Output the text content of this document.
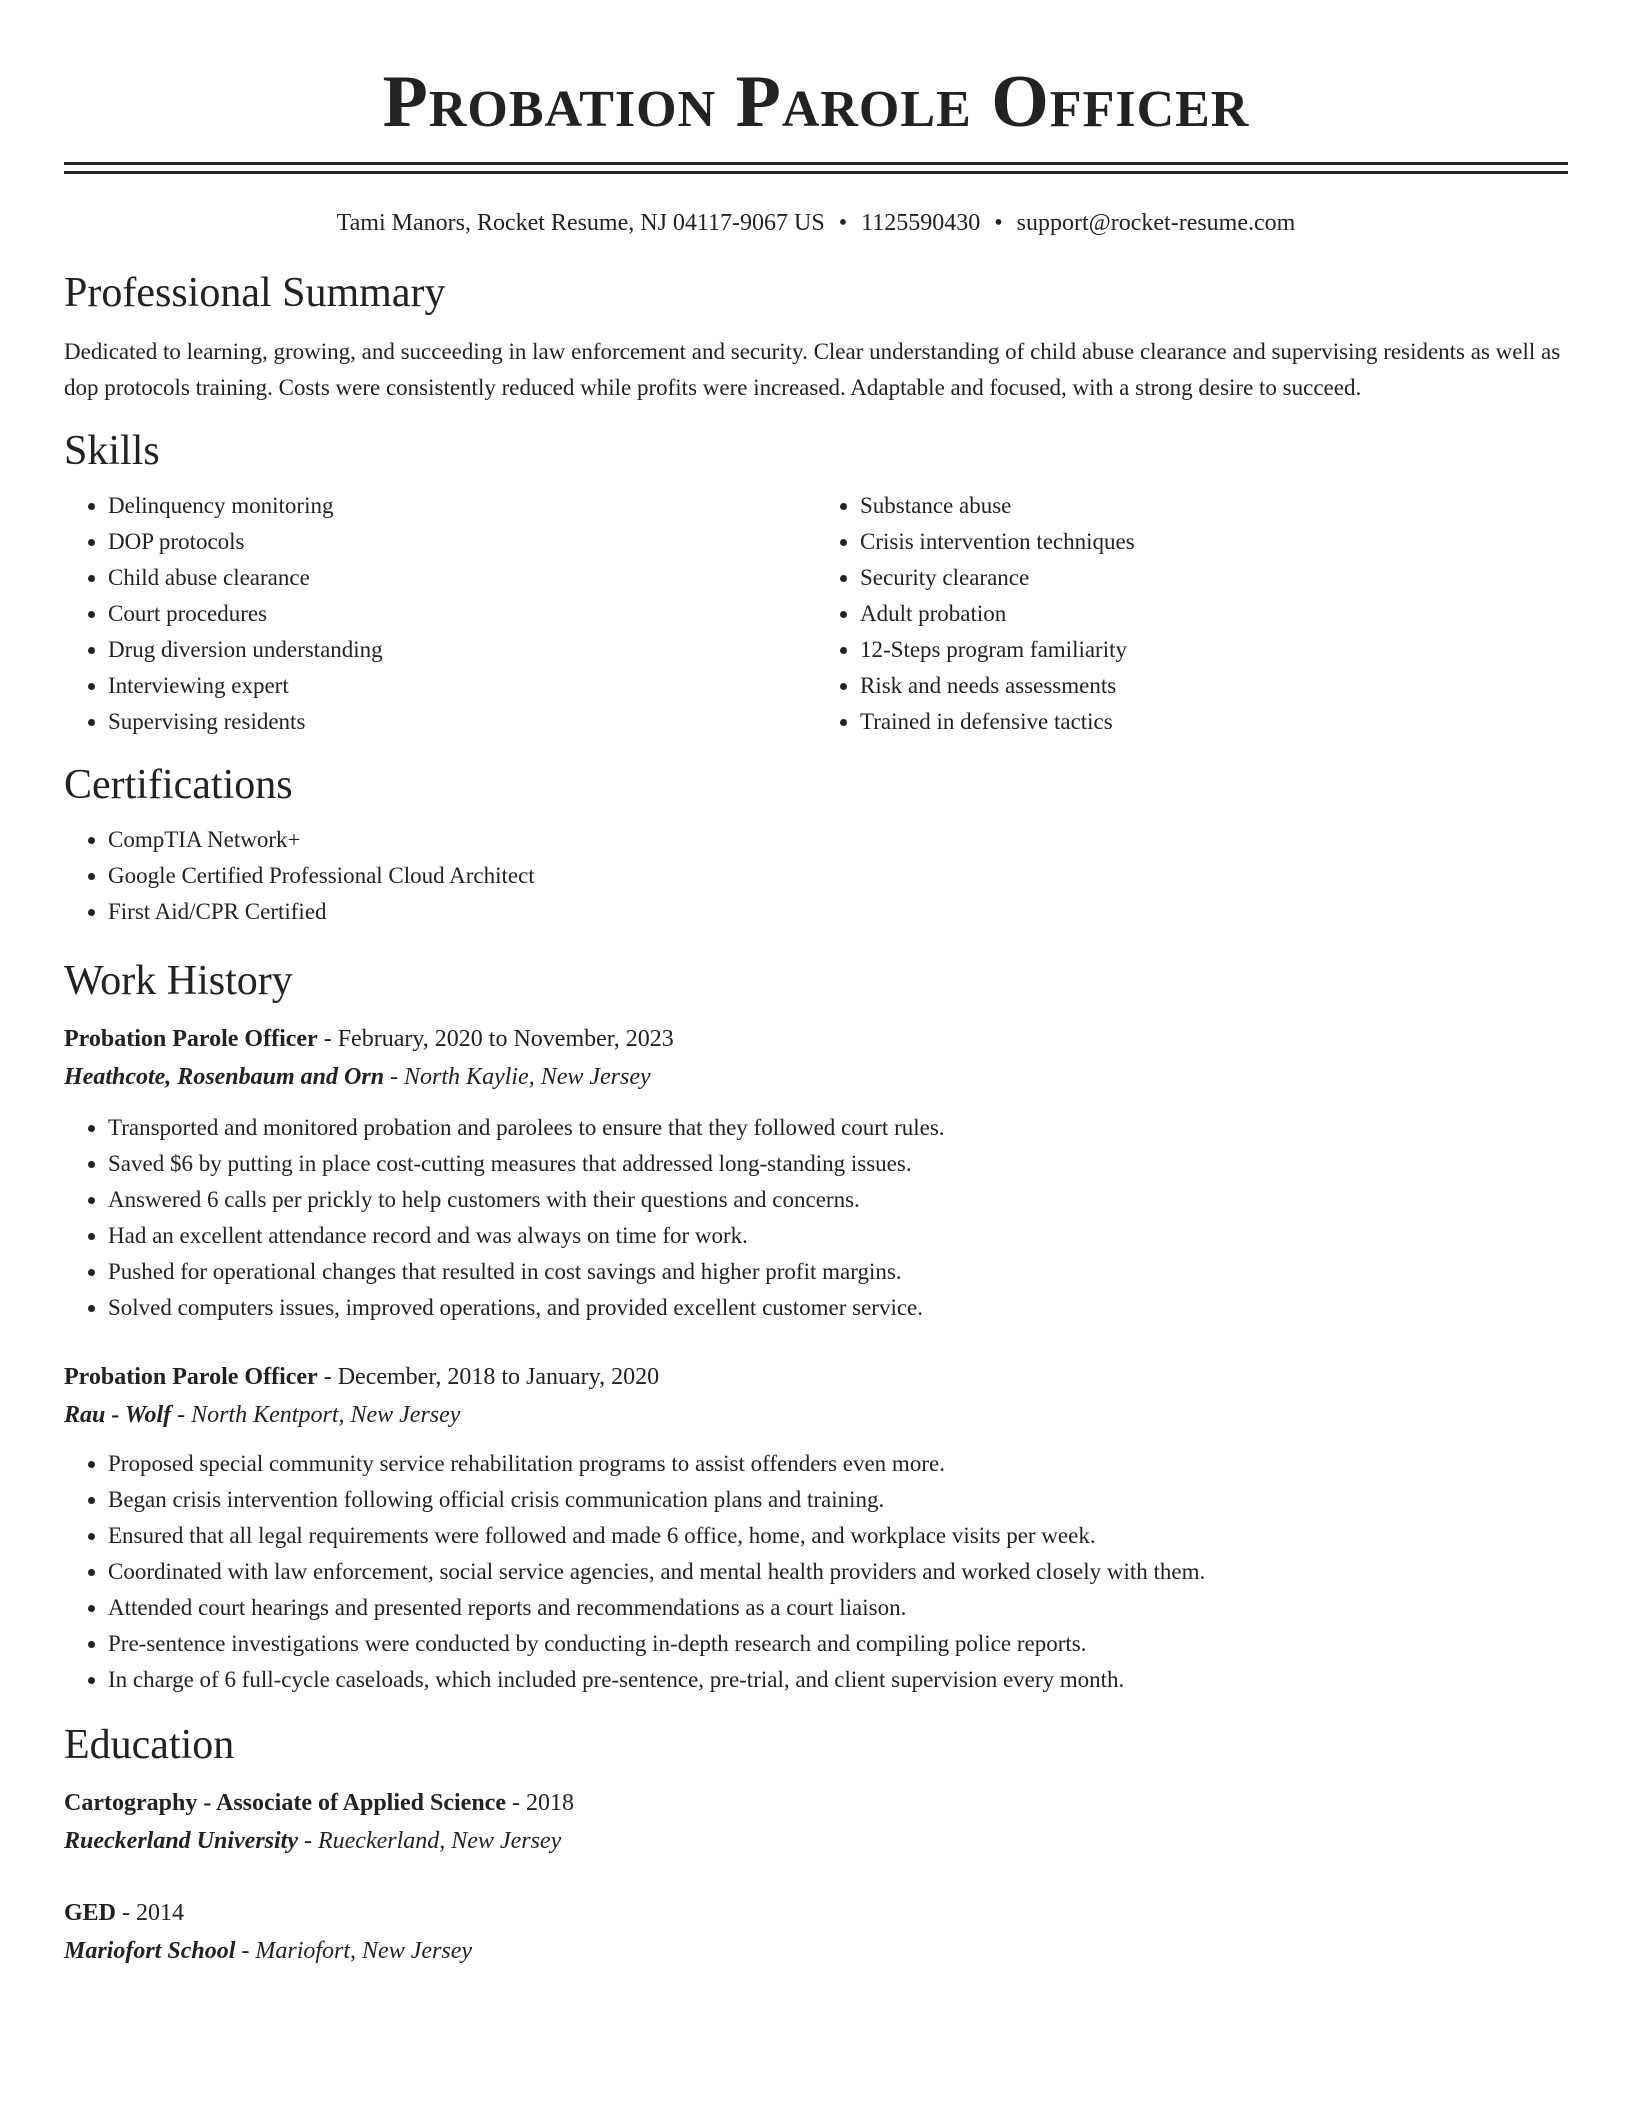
Probation Parole Officer
Tami Manors, Rocket Resume, NJ 04117-9067 US • 1125590430 • support@rocket-resume.com
Professional Summary

Dedicated to learning, growing, and succeeding in law enforcement and security. Clear understanding of child abuse clearance and supervising residents as well as dop protocols training. Costs were consistently reduced while profits were increased. Adaptable and focused, with a strong desire to succeed.

Skills
• Delinquency monitoring
• DOP protocols
• Child abuse clearance
• Court procedures
• Drug diversion understanding
• Interviewing expert
• Supervising residents
• Substance abuse
• Crisis intervention techniques
• Security clearance
• Adult probation
• 12-Steps program familiarity
• Risk and needs assessments
• Trained in defensive tactics
Certifications
• CompTIA Network+
• Google Certified Professional Cloud Architect
• First Aid/CPR Certified
Work History
Probation Parole Officer - February, 2020 to November, 2023
Heathcote, Rosenbaum and Orn - North Kaylie, New Jersey
• Transported and monitored probation and parolees to ensure that they followed court rules.
• Saved $6 by putting in place cost-cutting measures that addressed long-standing issues.
• Answered 6 calls per prickly to help customers with their questions and concerns.
• Had an excellent attendance record and was always on time for work.
• Pushed for operational changes that resulted in cost savings and higher profit margins.
• Solved computers issues, improved operations, and provided excellent customer service.
Probation Parole Officer - December, 2018 to January, 2020
Rau - Wolf - North Kentport, New Jersey
• Proposed special community service rehabilitation programs to assist offenders even more.
• Began crisis intervention following official crisis communication plans and training.
• Ensured that all legal requirements were followed and made 6 office, home, and workplace visits per week.
• Coordinated with law enforcement, social service agencies, and mental health providers and worked closely with them.
• Attended court hearings and presented reports and recommendations as a court liaison.
• Pre-sentence investigations were conducted by conducting in-depth research and compiling police reports.
• In charge of 6 full-cycle caseloads, which included pre-sentence, pre-trial, and client supervision every month.
Education
Cartography - Associate of Applied Science - 2018
Rueckerland University - Rueckerland, New Jersey
GED - 2014
Mariofort School - Mariofort, New Jersey
